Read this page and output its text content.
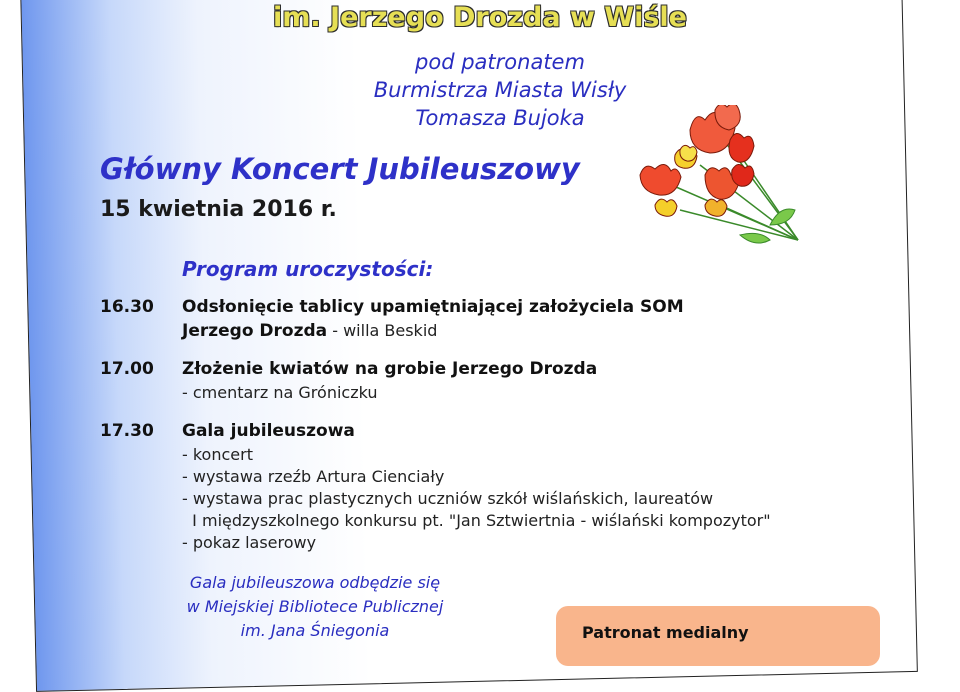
im. Jerzego Drozda w Wiśle
pod patronatem
Burmistrza Miasta Wisły
Tomasza Bujoka
Główny Koncert Jubileuszowy
15 kwietnia 2016 r.
Program uroczystości:
16.30	Odsłonięcie tablicy upamiętniającej założyciela SOM
Jerzego Drozda - willa Beskid
17.00	Złożenie kwiatów na grobie Jerzego Drozda
- cmentarz na Gróniczku
17.30	Gala jubileuszowa
- koncert
- wystawa rzeźb Artura Cienciały
- wystawa prac plastycznych uczniów szkół wiślańskich, laureatów
I międzyszkolnego konkursu pt. "Jan Sztwiertnia - wiślański kompozytor"
- pokaz laserowy
Gala jubileuszowa odbędzie się
w Miejskiej Bibliotece Publicznej
im. Jana Śniegonia	Patronat medialny
